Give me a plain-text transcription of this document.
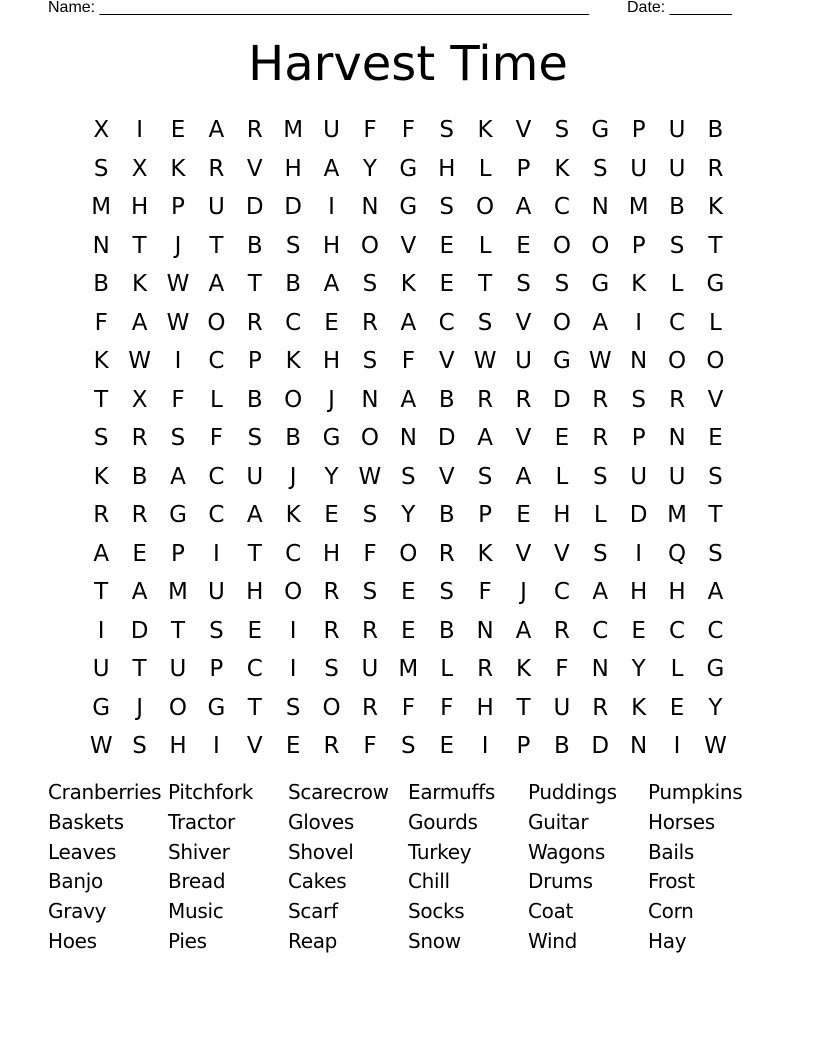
Name: _______________________________________________________ Date: _______
Harvest Time
X	I	E	A R M U	F	F	S	K V	S G P	U B
S	X K R V H A	Y G H	L	P	K	S U U R
M H P	U D D	I	N G S O A C N M B K
N T	J	T	B	S H O V	E	L	E O O P	S	T
B K W A	T	B A	S	K	E	T	S	S G K	L	G
F	A W O R C	E	R A C	S	V O A	I	C	L
K W	I	C	P	K H S	F	V W U G W N O O
T	X	F	L	B O	J	N A B R R D R	S	R V
S	R	S	F	S	B G O N D A V	E	R	P N E
K B A C U	J	Y W S	V	S	A	L	S U U S
R R G C A K	E	S	Y	B	P	E H	L	D M T
A	E	P	I	T	C H	F O R K V V	S	I	Q S
T	A M U H O R	S	E	S	F	J	C A H H A
I	D T	S	E	I	R R	E	B N A R C	E	C C
U T U	P	C	I	S U M L	R K	F	N Y	L	G
G	J	O G T	S O R	F	F	H T U R K	E	Y
W S H	I	V	E	R	F	S	E	I	P	B D N	I	W
Cranberries Pitchfork	Scarecrow Earmuffs	Puddings	Pumpkins
Baskets	Tractor	Gloves	Gourds	Guitar	Horses
Leaves	Shiver	Shovel	Turkey	Wagons	Bails
Banjo	Bread	Cakes	Chill	Drums	Frost
Gravy	Music	Scarf	Socks	Coat	Corn
Hoes	Pies	Reap	Snow	Wind	Hay
